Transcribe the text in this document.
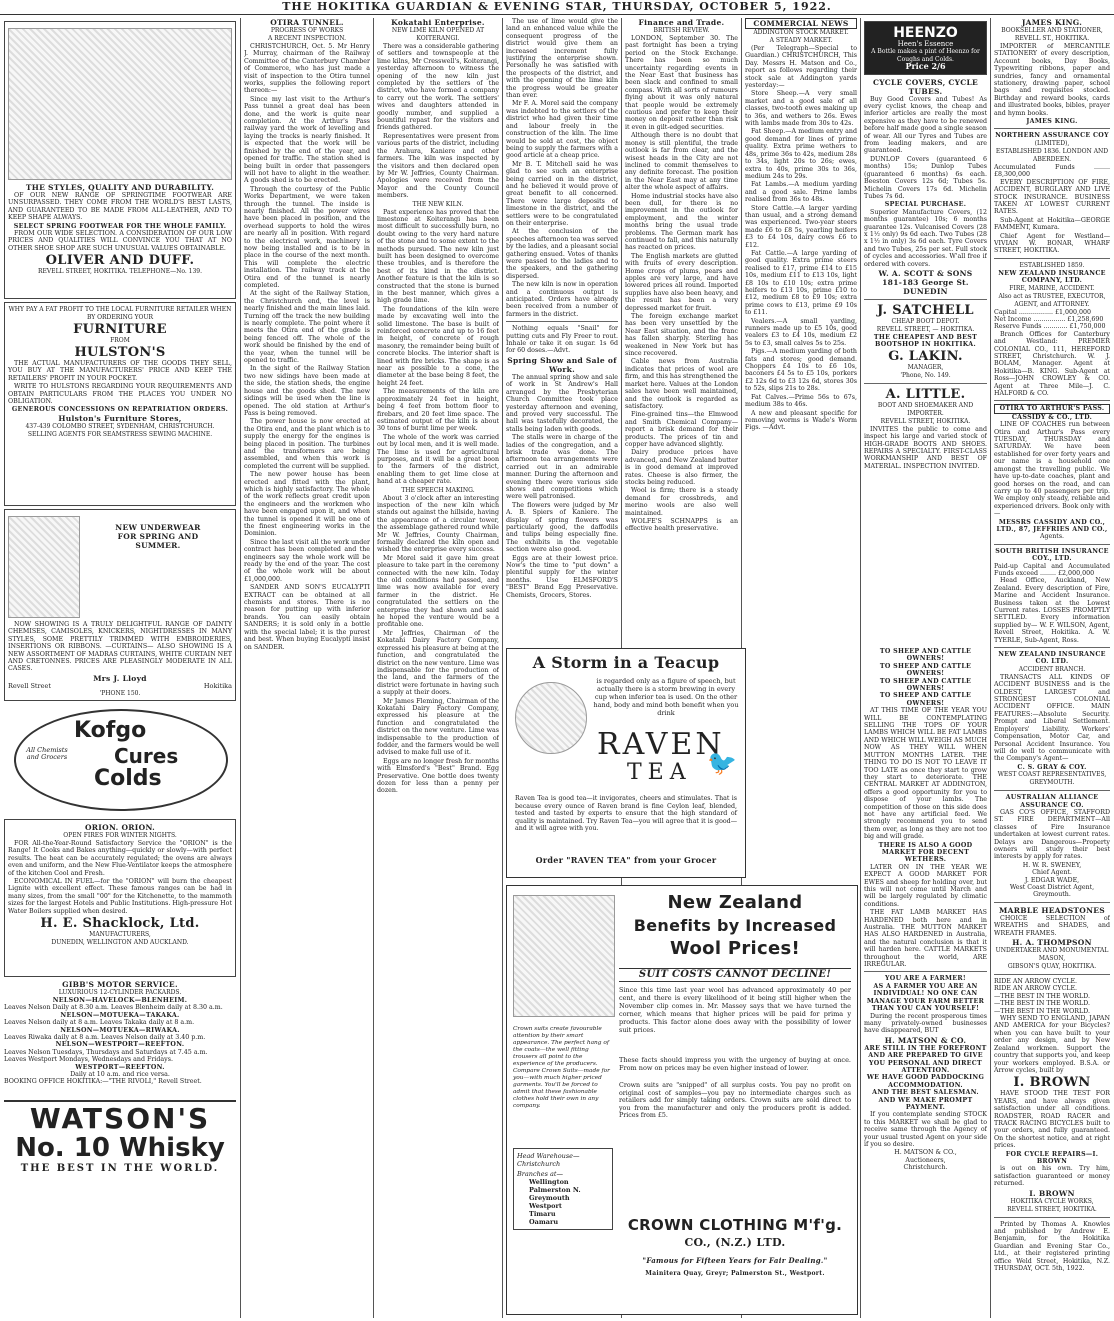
THE HOKITIKA GUARDIAN & EVENING STAR, THURSDAY, OCTOBER 5, 1922.
THE STYLES, QUALITY AND DURABILITY.
OF OUR NEW RANGE OF SPRINGTIME FOOTWEAR ARE UNSURPASSED. THEY COME FROM THE WORLD'S BEST LASTS, AND GUARANTEED TO BE MADE FROM ALL-LEATHER, AND TO KEEP SHAPE ALWAYS.
SELECT SPRING FOOTWEAR FOR THE WHOLE FAMILY.
FROM OUR WIDE SELECTION. A CONSIDERATION OF OUR LOW PRICES AND QUALITIES WILL CONVINCE YOU THAT AT NO OTHER SHOE SHOP ARE SUCH UNUSUAL VALUES OBTAINABLE.
OLIVER AND DUFF.
REVELL STREET, HOKITIKA. TELEPHONE—No. 139.
WHY PAY A FAT PROFIT TO THE LOCAL FURNITURE RETAILER WHEN BY ORDERING YOUR
FURNITURE
FROM
HULSTON'S
THE ACTUAL MANUFACTURERS OF THE GOODS THEY SELL, YOU BUY AT THE MANUFACTURERS' PRICE AND KEEP THE RETAILERS' PROFIT IN YOUR POCKET.
WRITE TO HULSTONS REGARDING YOUR REQUIREMENTS AND OBTAIN PARTICULARS FROM THE PLACES YOU UNDER NO OBLIGATION.
GENEROUS CONCESSIONS ON REPATRIATION ORDERS.
Hulston's Furniture Stores,
437-439 COLOMBO STREET, SYDENHAM, CHRISTCHURCH.
SELLING AGENTS FOR SEAMSTRESS SEWING MACHINE.
NEW UNDERWEAR
FOR SPRING AND
SUMMER.
NOW SHOWING IS A TRULY DELIGHTFUL RANGE OF DAINTY CHEMISES, CAMISOLES, KNICKERS, NIGHTDRESSES IN MANY STYLES, SOME PRETTILY TRIMMED WITH EMBROIDERIES, INSERTIONS OR RIBBONS. —CURTAINS— ALSO SHOWING IS A NEW ASSORTMENT OF MADRAS CURTAINS, WHITE CURTAIN NET AND CRETONNES. PRICES ARE PLEASINGLY MODERATE IN ALL CASES.
Mrs J. Lloyd
Revell Street	Hokitika
'PHONE 150.
Kofgo
Cures
Colds
All Chemists and Grocers
ORION. ORION.
OPEN FIRES FOR WINTER NIGHTS.
FOR All-the-Year-Round Satisfactory Service the "ORION" is the Range! It Cooks and Bakes anything—quickly or slowly—with perfect results. The heat can be accurately regulated; the ovens are always even and uniform, and the New Flue-Ventilator keeps the atmosphere of the kitchen Cool and Fresh.
ECONOMICAL IN FUEL—for the "ORION" will burn the cheapest Lignite with excellent effect. These famous ranges can be had in many sizes, from the small "00" for the Kitchenette, to the mammoth sizes for the largest Hotels and Public Institutions. High-pressure Hot Water Boilers supplied when desired.
H. E. Shacklock, Ltd.
MANUFACTURERS,
DUNEDIN, WELLINGTON AND AUCKLAND.
GIBB'S MOTOR SERVICE.
LUXURIOUS 12-CYLINDER PACKARDS.
NELSON—HAVELOCK—BLENHEIM.
Leaves Nelson Daily at 8.30 a.m. Leaves Blenheim daily at 8.30 a.m.
NELSON—MOTUEKA—TAKAKA.
Leaves Nelson daily at 8 a.m. Leaves Takaka daily at 8 a.m.
NELSON—MOTUEKA—RIWAKA.
Leaves Riwaka daily at 8 a.m. Leaves Nelson daily at 3.40 p.m.
NELSON—WESTPORT—REEFTON.
Leaves Nelson Tuesdays, Thursdays and Saturdays at 7.45 a.m.
Leaves Westport Mondays, Wednesdays and Fridays.
WESTPORT—REEFTON.
Daily at 10 a.m. and rice versa.
BOOKING OFFICE HOKITIKA:—"THE RIVOLI," Revell Street.
WATSON'S
No. 10 Whisky
THE BEST IN THE WORLD.
OTIRA TUNNEL.
PROGRESS OF WORKS
A RECENT INSPECTION.

CHRISTCHURCH, Oct. 5. Mr Henry J. Murray, chairman of the Railway Committee of the Canterbury Chamber of Commerce, who has just made a visit of inspection to the Otira tunnel works, supplies the following report thereon:—

Since my last visit to the Arthur's Pass tunnel a great deal has been done, and the work is quite near completion. At the Arthur's Pass railway yard the work of levelling and laying the tracks is nearly finished. It is expected that the work will be finished by the end of the year, and opened for traffic. The station shed is being built in order that passengers will not have to alight in the weather. A goods shed is to be erected.

Through the courtesy of the Public Works Department, we were taken through the tunnel. The inside is nearly finished. All the power wires have been placed in position, and the overhead supports to hold the wires are nearly all in position. With regard to the electrical work, machinery is now being installed and is to be in place in the course of the next month. This will complete the electric installation. The railway track at the Otira end of the tunnel is nearly completed.

At the sight of the Railway Station, the Christchurch end, the level is nearly finished and the main lines laid. Turning off the track the new building is nearly complete. The point where it meets the Otira end of the grade is being fenced off. The whole of the work should be finished by the end of the year, when the tunnel will be opened to traffic.

In the sight of the Railway Station two new sidings have been made at the side, the station sheds, the engine house and the goods shed. The new sidings will be used when the line is opened. The old station at Arthur's Pass is being removed.

The power house is now erected at the Otira end, and the plant which is to supply the energy for the engines is being placed in position. The turbines and the transformers are being assembled, and when this work is completed the current will be supplied.

The new power house has been erected and fitted with the plant, which is highly satisfactory. The whole of the work reflects great credit upon the engineers and the workmen who have been engaged upon it, and when the tunnel is opened it will be one of the finest engineering works in the Dominion.

Since the last visit all the work under contract has been completed and the engineers say the whole work will be ready by the end of the year. The cost of the whole work will be about £1,000,000.

SANDER AND SON'S EUCALYPTI EXTRACT can be obtained at all chemists and stores. There is no reason for putting up with inferior brands. You can easily obtain SANDERS; it is sold only in a bottle with the special label; it is the purest and best. When buying Eucalypti insist on SANDER.

Kokatahi Enterprise.
NEW LIME KILN OPENED AT KOITERANGI.

There was a considerable gathering of settlers and townspeople at the lime kilns, Mr Cresswell's, Koiterangi, yesterday afternoon to witness the opening of the new kiln just completed by the settlers of the district, who have formed a company to carry out the work. The settlers' wives and daughters attended in goodly number, and supplied a bountiful repast for the visitors and friends gathered.

Representatives were present from various parts of the district, including the Arahura, Kaniere and other farmers. The kiln was inspected by the visitors and then declared open by Mr W. Jeffries, County Chairman. Apologies were received from the Mayor and the County Council members.

THE NEW KILN.

Past experience has proved that the limestone at Koiterangi has been most difficult to successfully burn, no doubt owing to the very hard nature of the stone and to some extent to the methods pursued. The new kiln just built has been designed to overcome these troubles, and is therefore the best of its kind in the district. Another feature is that the kiln is so constructed that the stone is burned in the best manner, which gives a high grade lime.

The foundations of the kiln were made by excavating well into the solid limestone. The base is built of reinforced concrete and up to 16 feet in height, of concrete of rough masonry, the remainder being built of concrete blocks. The interior shaft is lined with fire bricks. The shape is as near as possible to a cone, the diameter at the base being 8 feet, the height 24 feet.

The measurements of the kiln are approximately 24 feet in height, being 4 feet from bottom floor to firebars, and 20 feet lime space. The estimated output of the kiln is about 30 tons of burnt lime per week.

The whole of the work was carried out by local men, and it is well made. The lime is used for agricultural purposes, and it will be a great boon to the farmers of the district, enabling them to get lime close at hand at a cheaper rate.

THE SPEECH MAKING.

About 3 o'clock after an interesting inspection of the new kiln which stands out against the hillside, having the appearance of a circular tower, the assemblage gathered round while Mr W. Jeffries, County Chairman, formally declared the kiln open and wished the enterprise every success.

Mr Morel said it gave him great pleasure to take part in the ceremony connected with the new kiln. Today the old conditions had passed, and lime was now available for every farmer in the district. He congratulated the settlers on the enterprise they had shown and said he hoped the venture would be a profitable one.

Mr Jeffries, Chairman of the Kokatahi Dairy Factory Company, expressed his pleasure at being at the function, and congratulated the district on the new venture. Lime was indispensable for the production of the land, and the farmers of the district were fortunate in having such a supply at their doors.

Mr James Fleming, Chairman of the Kokatahi Dairy Factory Company, expressed his pleasure at the function and congratulated the district on the new venture. Lime was indispensable to the production of fodder, and the farmers would be well advised to make full use of it.

Eggs are no longer fresh for months with Elmsford's "Best" Brand. Egg Preservative. One bottle does twenty dozen for less than a penny per dozen.

The use of lime would give the land an enhanced value while the consequent progress of the district would give them an increased increment fully justifying the enterprise shown. Personally he was satisfied with the prospects of the district, and with the opening of the lime kiln the progress would be greater than ever.

Mr F. A. Morel said the company was indebted to the settlers of the district who had given their time and labour freely in the construction of the kiln. The lime would be sold at cost, the object being to supply the farmers with a good article at a cheap price.

Mr B. T. Mitchell said he was glad to see such an enterprise being carried on in the district, and he believed it would prove of great benefit to all concerned. There were large deposits of limestone in the district, and the settlers were to be congratulated on their enterprise.

At the conclusion of the speeches afternoon tea was served by the ladies, and a pleasant social gathering ensued. Votes of thanks were passed to the ladies and to the speakers, and the gathering dispersed.

The new kiln is now in operation and a continuous output is anticipated. Orders have already been received from a number of farmers in the district.

Nothing equals "Snail" for putting cuts and Fly Freer to rout. Inhale or take it on sugar. 1s 6d for 60 doses.—Advt.

Spring Show and Sale of Work.

The annual spring show and sale of work in St Andrew's Hall arranged by the Presbyterian Church Committee took place yesterday afternoon and evening, and proved very successful. The hall was tastefully decorated, the stalls being laden with goods.

The stalls were in charge of the ladies of the congregation, and a brisk trade was done. The afternoon tea arrangements were carried out in an admirable manner. During the afternoon and evening there were various side shows and competitions which were well patronised.

The flowers were judged by Mr A. B. Spiers of Kaniere. The display of spring flowers was particularly good, the daffodils and tulips being especially fine. The exhibits in the vegetable section were also good.

Eggs are at their lowest price. Now's the time to "put down" a plentiful supply for the winter months. Use ELMSFORD'S "BEST" Brand Egg Preservative. Chemists, Grocers, Stores.

Finance and Trade.
BRITISH REVIEW.

LONDON, September 30. The past fortnight has been a trying period on the Stock Exchange. There has been so much uncertainty regarding events in the Near East that business has been slack and confined to small compass. With all sorts of rumours flying about it was only natural that people would be extremely cautious and prefer to keep their money on deposit rather than risk it even in gilt-edged securities.

Although there is no doubt that money is still plentiful, the trade outlook is far from clear, and the wisest heads in the City are not inclined to commit themselves to any definite forecast. The position in the Near East may at any time alter the whole aspect of affairs.

Home industrial stocks have also been dull, for there is no improvement in the outlook for employment, and the winter months bring the usual trade problems. The German mark has continued to fall, and this naturally has reacted on prices.

The English markets are glutted with fruits of every description. Home crops of plums, pears and apples are very large, and have lowered prices all round. Imported supplies have also been heavy, and the result has been a very depressed market for fruit.

The foreign exchange market has been very unsettled by the Near East situation, and the franc has fallen sharply. Sterling has weakened in New York but has since recovered.

Cable news from Australia indicates that prices of wool are firm, and this has strengthened the market here. Values at the London sales have been well maintained, and the outlook is regarded as satisfactory.

Fine-grained tins—the Elmwood and Smith Chemical Company—report a brisk demand for their products. The prices of tin and copper have advanced slightly.

Dairy produce prices have advanced, and New Zealand butter is in good demand at improved rates. Cheese is also firmer, the stocks being reduced.

Wool is firm; there is a steady demand for crossbreds, and merino wools are also well maintained.

WOLFE'S SCHNAPPS is an effective health preservative.

COMMERCIAL NEWS
ADDINGTON STOCK MARKET.
A STEADY MARKET.

(Per Telegraph—Special to Guardian.) CHRISTCHURCH, This Day. Messrs H. Matson and Co., report as follows regarding their stock sale at Addington yards yesterday:—

Store Sheep.—A very small market and a good sale of all classes, two-tooth ewes making up to 36s, and wethers to 26s. Ewes with lambs made from 30s to 42s.

Fat Sheep.—A medium entry and good demand for lines of prime quality. Extra prime wethers to 48s, prime 36s to 42s, medium 28s to 34s, light 20s to 26s; ewes, extra to 40s, prime 30s to 36s, medium 24s to 29s.

Fat Lambs.—A medium yarding and a good sale. Prime lambs realised from 36s to 48s.

Store Cattle.—A larger yarding than usual, and a strong demand was experienced. Two-year steers made £6 to £8 5s, yearling heifers £3 to £4 10s, dairy cows £6 to £12.

Fat Cattle.—A large yarding of good quality. Extra prime steers realised to £17, prime £14 to £15 10s, medium £11 to £13 10s, light £8 10s to £10 10s; extra prime heifers to £13 10s, prime £10 to £12, medium £8 to £9 10s; extra prime cows to £13, prime £9 10s to £11.

Vealers.—A small yarding, runners made up to £5 10s, good vealers £3 to £4 10s, medium £2 5s to £3, small calves 5s to 25s.

Pigs.—A medium yarding of both fats and stores; good demand. Choppers £4 10s to £6 10s, baconers £4 5s to £5 10s, porkers £2 12s 6d to £3 12s 6d, stores 30s to 52s, slips 21s to 28s.

Fat Calves.—Prime 56s to 67s, medium 38s to 46s.

A new and pleasant specific for removing worms is Wade's Worm Figs. —Advt.

HEENZO
Heen's Essence
A Bottle makes a pint of Heenzo for Coughs and Colds.
Price 2/6
CYCLE COVERS, CYCLE TUBES.

Buy Good Covers and Tubes! As every cyclist knows, the cheap and inferior articles are really the most expensive as they have to be renewed before half made good a single season of wear. All our Tyres and Tubes are from leading makers, and are guaranteed.

DUNLOP Covers (guaranteed 6 months) 15s; Dunlop Tubes (guaranteed 6 months) 6s each. Beeston Covers 12s 6d; Tubes 5s. Michelin Covers 17s 6d. Michelin Tubes 7s 6d.

SPECIAL PURCHASE.

Superior Manufacture Covers, (12 months guarantee) 10s; 6 months guarantee 12s. Vulcanised Covers (28 x 1½ only) 9s 6d each. Two Tubes (28 x 1½ in only) 3s 6d each. Tyre Covers and two Tubes, 25s per set. Full stock of cycles and accessories. W'all free if ordered with covers.

W. A. SCOTT & SONS
181-183 George St.
DUNEDIN
J. SATCHELL
CHEAP BOOT DEPOT.
REVELL STREET, — HOKITIKA.
THE CHEAPEST AND BEST BOOTSHOP IN HOKITIKA.
G. LAKIN.
MANAGER,
'Phone, No. 149.
A. LITTLE.
BOOT AND SHOEMAKER AND IMPORTER.
REVELL STREET, HOKITIKA.

INVITES the public to come and inspect his large and varied stock of HIGH-GRADE BOOTS AND SHOES. REPAIRS A SPECIALTY. FIRST-CLASS WORKMANSHIP AND BEST OF MATERIAL. INSPECTION INVITED.

A Storm in a Teacup
is regarded only as a figure of speech, but actually there is a storm brewing in every cup when inferior tea is used. On the other hand, body and mind both benefit when you drink
RAVEN
TEA 🐦
Raven Tea is good tea—it invigorates, cheers and stimulates. That is because every ounce of Raven brand is fine Ceylon leaf, blended, tested and tasted by experts to ensure that the high standard of quality is maintained. Try Raven Tea—you will agree that it is good—and it will agree with you.
Order "RAVEN TEA" from your Grocer
New Zealand
Benefits by Increased
Wool Prices!
SUIT COSTS CANNOT DECLINE!
Since this time last year wool has advanced approximately 40 per cent, and there is every likelihood of it being still higher when the November clip comes in. Mr. Massey says that we have turned the corner, which means that higher prices will be paid for prima y products. This factor alone does away with the possibility of lower suit prices.
These facts should impress you with the urgency of buying at once. From now on prices may be even higher instead of lower.
Crown suits are "snipped" of all surplus costs. You pay no profit on original cost of samples—you pay no intermediate charges such as retailers add for simply taking orders. Crown suits are sold direct to you from the manufacturer and only the producers profit is added. Prices from £5.
Crown suits create favourable attention by their smart appearance. The perfect hang of the coats—the well fitting trousers all point to the experience of the producers. Compare Crown Suits—made for you—with much higher priced garments. You'll be forced to admit that these fashionable clothes hold their own in any company.
Head Warehouse— Christchurch
Branches at—
Wellington
Palmerston N.
Greymouth
Westport
Timaru
Oamaru	CROWN CLOTHING M'f'g.
CO., (N.Z.) LTD.
"Famous for Fifteen Years for Fair Dealing."
Mainitera Quay, Greyr; Palmerston St., Westport.
TO SHEEP AND CATTLE OWNERS!
TO SHEEP AND CATTLE OWNERS!
TO SHEEP AND CATTLE OWNERS!
TO SHEEP AND CATTLE OWNERS!

AT THIS TIME OF THE YEAR YOU WILL BE CONTEMPLATING SELLING THE TOPS OF YOUR LAMBS WHICH WILL BE FAT LAMBS AND WHICH WILL WEIGH AS MUCH NOW AS THEY WILL WHEN MUTTON MONTHS LATER. THE THING TO DO IS NOT TO LEAVE IT TOO LATE as once they start to grow they start to deteriorate. THE CENTRAL MARKET AT ADDINGTON, offers a good opportunity for you to dispose of your lambs. The competition of those on this side does not have any artificial feed. We strongly recommend you to send them over, as long as they are not too big and will grade.

THERE IS ALSO A GOOD MARKET FOR DECENT WETHERS.

LATER ON IN THE YEAR WE EXPECT A GOOD MARKET FOR EWES and sheep for holding over, but this will not come until March and will be largely regulated by climatic conditions.

THE FAT LAMB MARKET HAS HARDENED both here and in Australia. THE MUTTON MARKET HAS ALSO HARDENED in Australia, and the natural conclusion is that it will harden here. CATTLE MARKETS throughout the world, ARE IRREGULAR.

YOU ARE A FARMER!
AS A FARMER YOU ARE AN INDIVIDUAL! NO ONE CAN MANAGE YOUR FARM BETTER THAN YOU CAN YOURSELF!

During the recent prosperous times many privately-owned businesses have disappeared, BUT

H. MATSON & CO.
ARE STILL IN THE FOREFRONT AND ARE PREPARED TO GIVE YOU PERSONAL AND DIRECT ATTENTION.
WE HAVE GOOD PADDOCKING ACCOMMODATION.
AND THE BEST SALESMAN. AND WE MAKE PROMPT PAYMENT.

If you contemplate sending STOCK to this MARKET we shall be glad to receive same through the Agency of your usual trusted Agent on your side if you so desire.

H. MATSON & CO.,
Auctioneers,
Christchurch.
JAMES KING.
BOOKSELLER AND STATIONER,
REVELL ST., HOKITIKA.

IMPORTER of MERCANTILE STATIONERY of every description, Account books, Day Books, Typewriting ribbons, paper and sundries, fancy and ornamental stationery, drawing paper, school bags and requisites stocked. Birthday and reward books, cards and illustrated books, bibles, prayer and hymn books.

JAMES KING.
NORTHERN ASSURANCE COY
(LIMITED),
ESTABLISHED 1836. LONDON AND ABERDEEN.
Accumulated Funds ........ £8,300,000

EVERY DESCRIPTION OF FIRE, ACCIDENT, BURGLARY AND LIVE STOCK INSURANCE. BUSINESS TAKEN AT LOWEST CURRENT RATES.

Sub-Agent at Hokitika—GEORGE FAMMENT, Kumara.

Chief Agent for Westland— VIVIAN W. BONAR, WHARF STREET, HOKITIKA.

ESTABLISHED 1859.
NEW ZEALAND INSURANCE COMPANY, LTD.
FIRE, MARINE, ACCIDENT.
Also act as TRUSTEE, EXECUTOR, AGENT, and ATTORNEY.
Capital ................. £1,000,000
Net Income ................ £1,258,690
Reserve Funds ............ £1,750,000

Branch Offices for Canterbury and Westland: PREMIER COLONIAL CO., 111, HEREFORD STREET, Christchurch. W. J. BOLAM, Manager. Agent at Hokitika—B. KING. Sub-Agent at Ross—JOHN CROWLEY & CO. Agent at Three Mile—J. C. HALFORD & CO.

OTIRA TO ARTHUR'S PASS.
CASSIDY & CO., LTD.

LINE OF COACHES run between Otira and Arthur's Pass every TUESDAY, THURSDAY and SATURDAY. We have been established for over forty years and our name is a household one amongst the travelling public. We have up-to-date coaches, plant and good horses on the road, and can carry up to 40 passengers per trip. We employ only steady, reliable and experienced drivers. Book only with—

MESSRS CASSIDY AND CO., LTD., 87, JEFFRIES AND CO.,
Agents.
SOUTH BRITISH INSURANCE COY., LTD.
Paid-up Capital and Accumulated Funds exceed ........ £2,000,000

Head Office, Auckland, New Zealand. Every description of Fire, Marine and Accident Insurance. Business taken at the Lowest Current rates. LOSSES PROMPTLY SETTLED. Every information supplied by— W. F. WILSON, Agent, Revell Street, Hokitika. A. W. TYERLE, Sub-Agent, Ross.

NEW ZEALAND INSURANCE CO. LTD.
ACCIDENT BRANCH.

TRANSACTS ALL KINDS OF ACCIDENT BUSINESS and is the OLDEST, LARGEST and STRONGEST COLONIAL ACCIDENT OFFICE. MAIN FEATURES:—Absolute Security. Prompt and Liberal Settlement. Employers' Liability. Workers' Compensation, Motor Car, and Personal Accident Insurance. You will do well to communicate with the Company's Agent—

C. S. GRAY & COY.
WEST COAST REPRESENTATIVES, GREYMOUTH.
AUSTRALIAN ALLIANCE ASSURANCE CO.

GAS CO'S OFFICE, STAFFORD ST. FIRE DEPARTMENT—All classes of Fire Insurance undertaken at lowest current rates. Delays are Dangerous—Property owners will study their best interests by apply for rates.

H. W. R. SWENEY,
Chief Agent.
J. EDGAR WADE,
West Coast District Agent, Greymouth.
MARBLE HEADSTONES

CHOICE SELECTION of WREATHS and SHADES, and WREATH FRAMES.

H. A. THOMPSON
UNDERTAKER AND MONUMENTAL MASON,
GIBSON'S QUAY, HOKITIKA.
RIDE AN ARROW CYCLE.
RIDE AN ARROW CYCLE.
—THE BEST IN THE WORLD.
—THE BEST IN THE WORLD.
—THE BEST IN THE WORLD.

WHY SEND TO ENGLAND, JAPAN AND AMERICA for your Bicycles? when you can have built to your order any design, and by New Zealand workmen. Support the country that supports you, and keep your workers employed. B.S.A. or Arrow cycles, built by

I. BROWN

HAVE STOOD THE TEST FOR YEARS, and have always given satisfaction under all conditions. ROADSTER, ROAD RACER and TRACK RACING BICYCLES built to your orders, and fully guaranteed. On the shortest notice, and at right prices.

FOR CYCLE REPAIRS—I. BROWN

is out on his own. Try him, satisfaction guaranteed or money returned.

I. BROWN
HOKITIKA CYCLE WORKS,
REVELL STREET, HOKITIKA.

Printed by Thomas A. Knowles and published by Andrew E. Benjamin, for the Hokitika Guardian and Evening Star Co., Ltd., at their registered printing office Weld Street, Hokitika, N.Z. THURSDAY, OCT. 5th, 1922.
